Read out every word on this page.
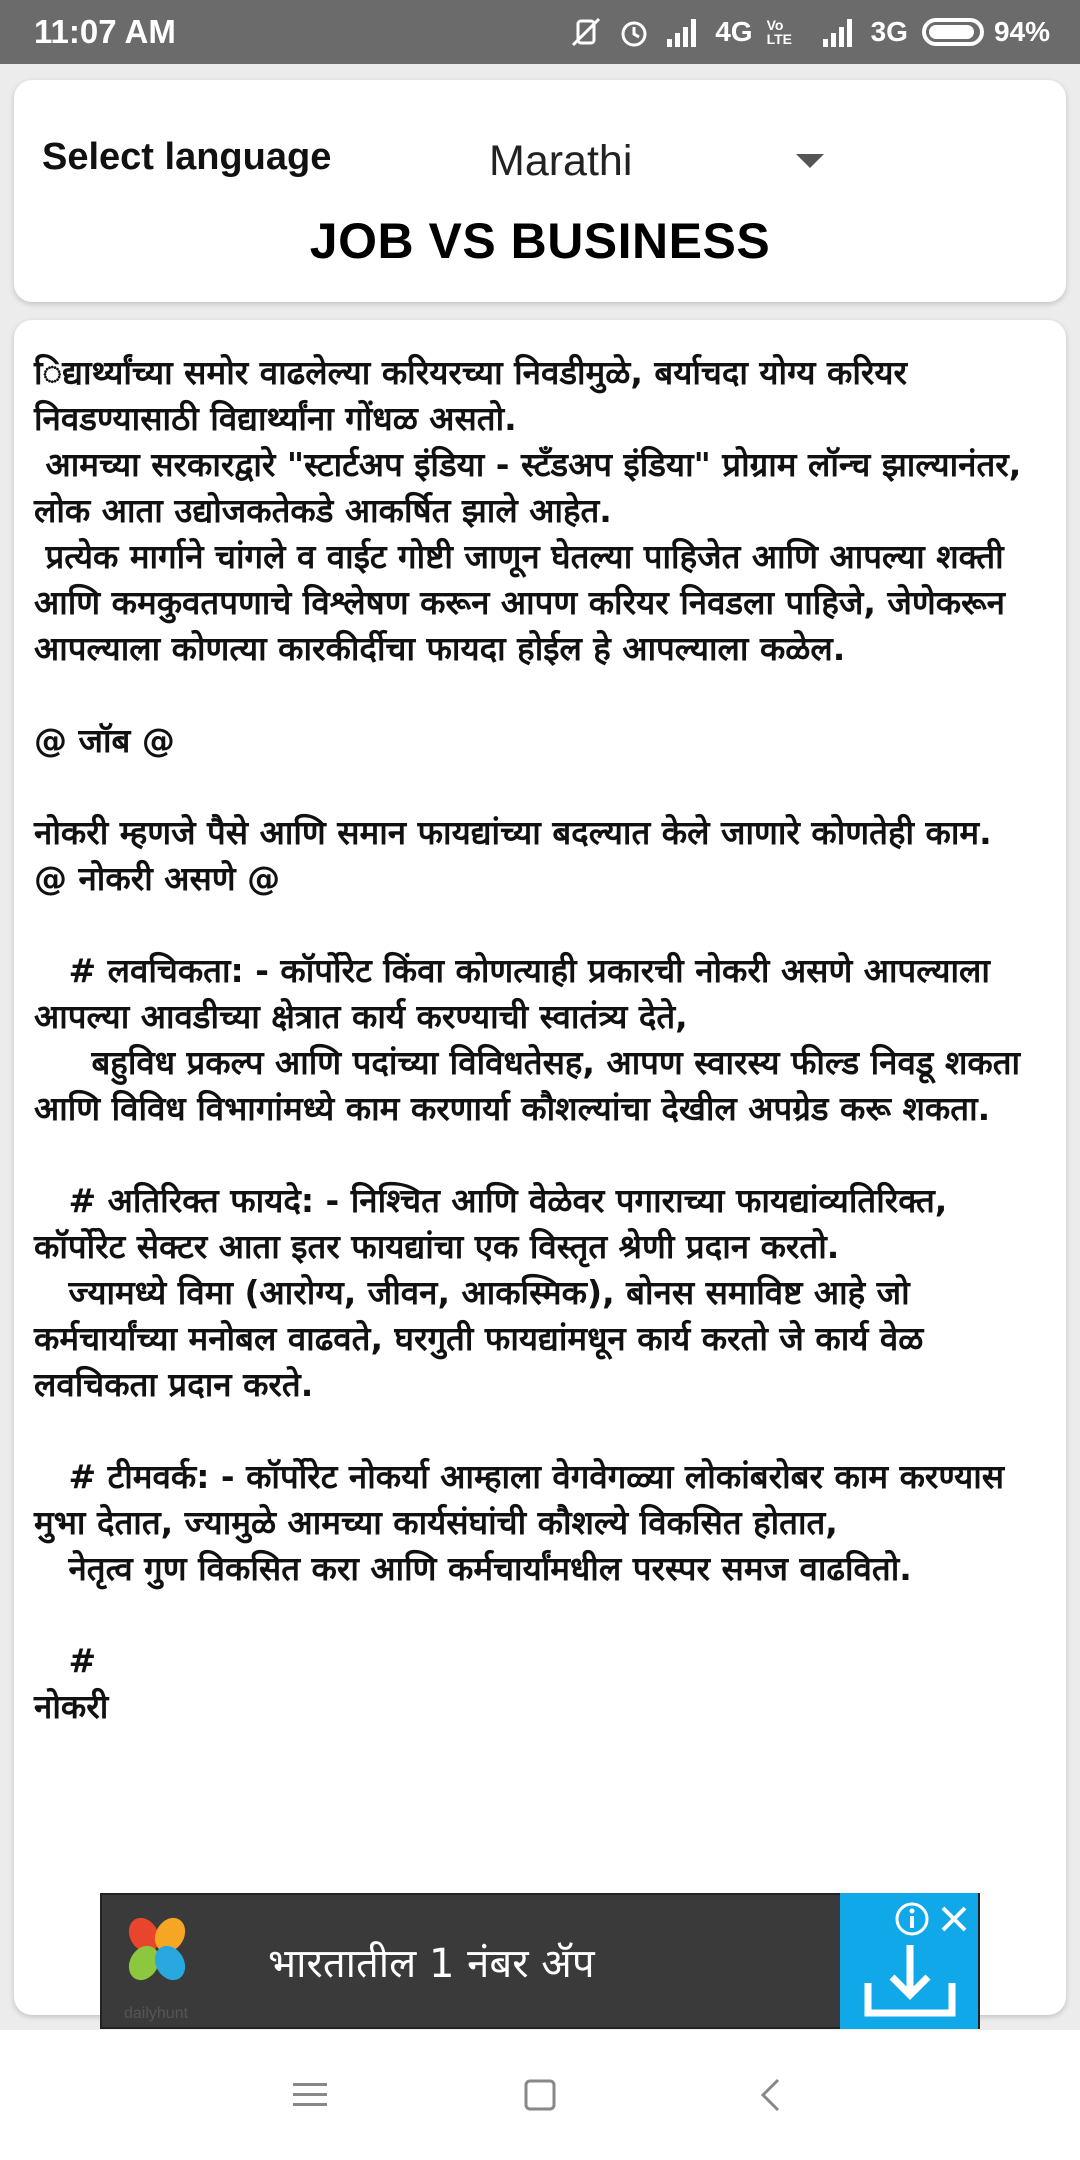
11:07 AM	4G Vo LTE	3G	94%
Select language	Marathi
JOB VS BUSINESS
िद्यार्थ्यांच्या समोर वाढलेल्या करियरच्या निवडीमुळे, बर्याचदा योग्य करियर निवडण्यासाठी विद्यार्थ्यांना गोंधळ असतो.
आमच्या सरकारद्वारे "स्टार्टअप इंडिया - स्टँडअप इंडिया" प्रोग्राम लॉन्च झाल्यानंतर, लोक आता उद्योजकतेकडे आकर्षित झाले आहेत.
प्रत्येक मार्गाने चांगले व वाईट गोष्टी जाणून घेतल्या पाहिजेत आणि आपल्या शक्ती आणि कमकुवतपणाचे विश्लेषण करून आपण करियर निवडला पाहिजे, जेणेकरून आपल्याला कोणत्या कारकीर्दीचा फायदा होईल हे आपल्याला कळेल.

@ जॉब @

नोकरी म्हणजे पैसे आणि समान फायद्यांच्या बदल्यात केले जाणारे कोणतेही काम.
@ नोकरी असणे @

# लवचिकता: - कॉर्पोरेट किंवा कोणत्याही प्रकारची नोकरी असणे आपल्याला आपल्या आवडीच्या क्षेत्रात कार्य करण्याची स्वातंत्र्य देते,
बहुविध प्रकल्प आणि पदांच्या विविधतेसह, आपण स्वारस्य फील्ड निवडू शकता आणि विविध विभागांमध्ये काम करणार्या कौशल्यांचा देखील अपग्रेड करू शकता.

# अतिरिक्त फायदे: - निश्चित आणि वेळेवर पगाराच्या फायद्यांव्यतिरिक्त, कॉर्पोरेट सेक्टर आता इतर फायद्यांचा एक विस्तृत श्रेणी प्रदान करतो.
ज्यामध्ये विमा (आरोग्य, जीवन, आकस्मिक), बोनस समाविष्ट आहे जो कर्मचार्यांच्या मनोबल वाढवते, घरगुती फायद्यांमधून कार्य करतो जे कार्य वेळ लवचिकता प्रदान करते.

# टीमवर्क: - कॉर्पोरेट नोकर्या आम्हाला वेगवेगळ्या लोकांबरोबर काम करण्यास मुभा देतात, ज्यामुळे आमच्या कार्यसंघांची कौशल्ये विकसित होतात,
नेतृत्व गुण विकसित करा आणि कर्मचार्यांमधील परस्पर समज वाढवितो.

#
नोकरी
dailyhunt
भारतातील 1 नंबर ॲप
